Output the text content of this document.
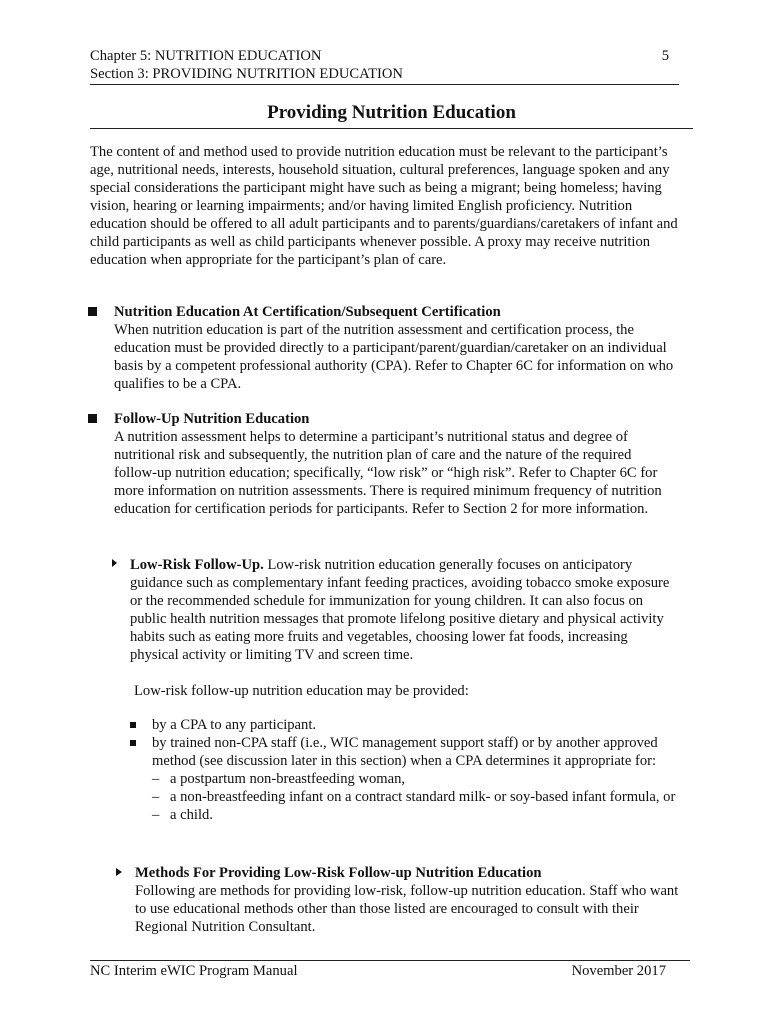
Chapter 5: NUTRITION EDUCATION	5
Section 3: PROVIDING NUTRITION EDUCATION
Providing Nutrition Education

The content of and method used to provide nutrition education must be relevant to the participant’s age, nutritional needs, interests, household situation, cultural preferences, language spoken and any special considerations the participant might have such as being a migrant; being homeless; having vision, hearing or learning impairments; and/or having limited English proficiency. Nutrition education should be offered to all adult participants and to parents/guardians/caretakers of infant and child participants as well as child participants whenever possible. A proxy may receive nutrition education when appropriate for the participant’s plan of care.

Nutrition Education At Certification/Subsequent Certification
When nutrition education is part of the nutrition assessment and certification process, the education must be provided directly to a participant/parent/guardian/caretaker on an individual basis by a competent professional authority (CPA). Refer to Chapter 6C for information on who qualifies to be a CPA.
Follow-Up Nutrition Education
A nutrition assessment helps to determine a participant’s nutritional status and degree of nutritional risk and subsequently, the nutrition plan of care and the nature of the required follow-up nutrition education; specifically, “low risk” or “high risk”. Refer to Chapter 6C for more information on nutrition assessments. There is required minimum frequency of nutrition education for certification periods for participants. Refer to Section 2 for more information.
Low-Risk Follow-Up. Low-risk nutrition education generally focuses on anticipatory guidance such as complementary infant feeding practices, avoiding tobacco smoke exposure or the recommended schedule for immunization for young children. It can also focus on public health nutrition messages that promote lifelong positive dietary and physical activity habits such as eating more fruits and vegetables, choosing lower fat foods, increasing physical activity or limiting TV and screen time.

Low-risk follow-up nutrition education may be provided:

by a CPA to any participant.
by trained non-CPA staff (i.e., WIC management support staff) or by another approved method (see discussion later in this section) when a CPA determines it appropriate for:
– a postpartum non-breastfeeding woman,
– a non-breastfeeding infant on a contract standard milk- or soy-based infant formula, or
– a child.
Methods For Providing Low-Risk Follow-up Nutrition Education
Following are methods for providing low-risk, follow-up nutrition education. Staff who want to use educational methods other than those listed are encouraged to consult with their Regional Nutrition Consultant.
NC Interim eWIC Program Manual	November 2017
